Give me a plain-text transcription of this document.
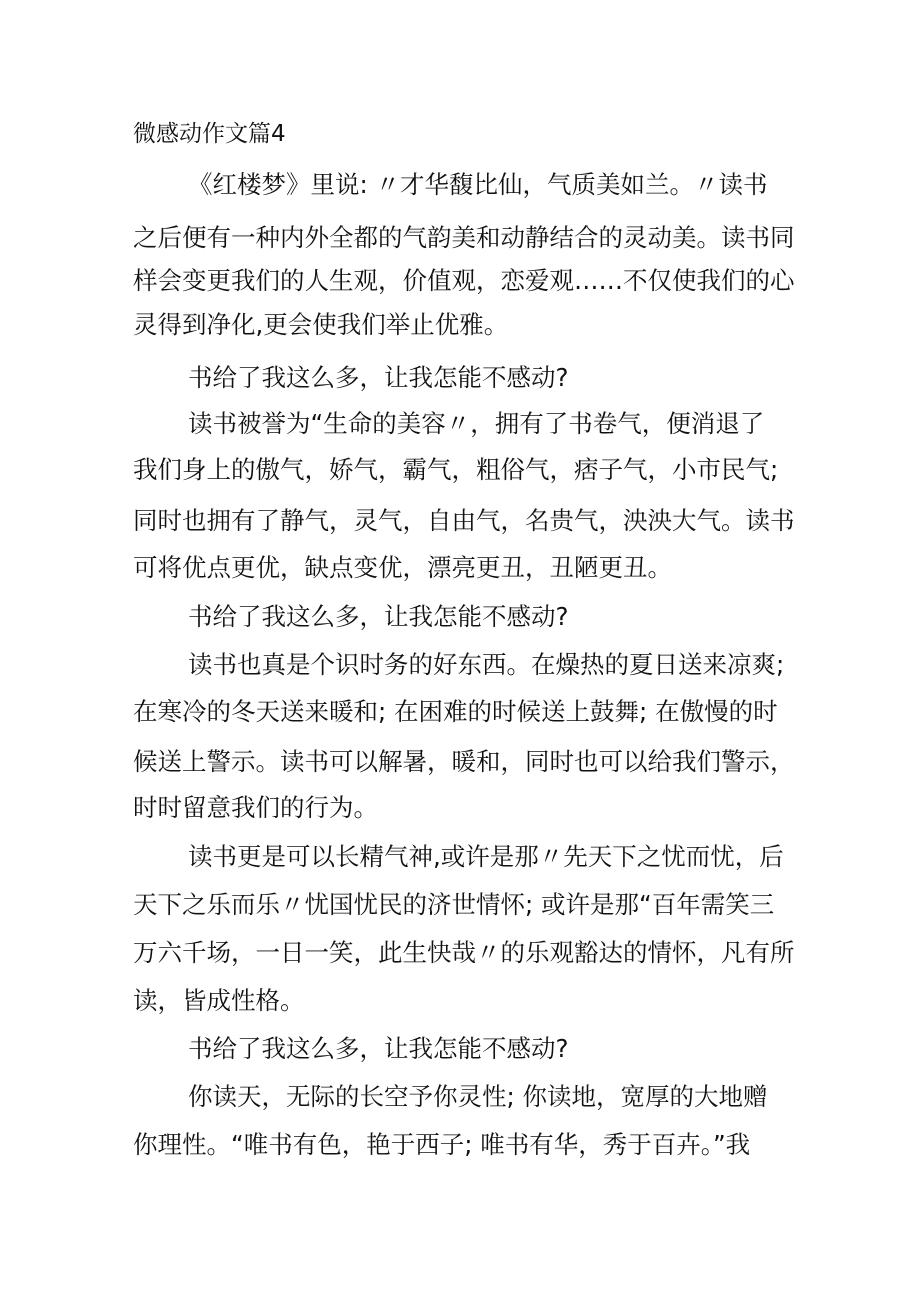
微感动作文篇4
《红楼梦》里说: 〃才华馥比仙，气质美如兰。〃读书
之后便有一种内外全都的气韵美和动静结合的灵动美。读书同
样会变更我们的人生观，价值观，恋爱观……不仅使我们的心
灵得到净化,更会使我们举止优雅。
书给了我这么多，让我怎能不感动?
读书被誉为“生命的美容〃，拥有了书卷气，便消退了
我们身上的傲气，娇气，霸气，粗俗气，痞子气，小市民气;
同时也拥有了静气，灵气，自由气，名贵气，泱泱大气。读书
可将优点更优，缺点变优，漂亮更丑，丑陋更丑。
书给了我这么多，让我怎能不感动?
读书也真是个识时务的好东西。在燥热的夏日送来凉爽;
在寒冷的冬天送来暖和; 在困难的时候送上鼓舞; 在傲慢的时
候送上警示。读书可以解暑，暖和，同时也可以给我们警示，
时时留意我们的行为。
读书更是可以长精气神,或许是那〃先天下之忧而忧，后
天下之乐而乐〃忧国忧民的济世情怀; 或许是那“百年需笑三
万六千场，一日一笑，此生快哉〃的乐观豁达的情怀，凡有所
读，皆成性格。
书给了我这么多，让我怎能不感动?
你读天，无际的长空予你灵性; 你读地，宽厚的大地赠
你理性。“唯书有色，艳于西子; 唯书有华，秀于百卉。”我
